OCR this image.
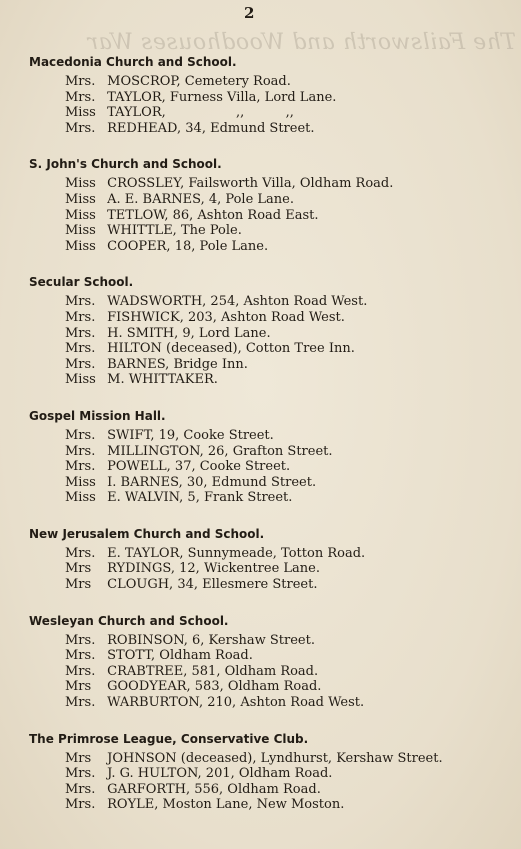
The Failsworth and Woodhouses War
2
Macedonia Church and School.
Mrs. MOSCROP, Cemetery Road.
Mrs. TAYLOR, Furness Villa, Lord Lane.
Miss TAYLOR,                 ,,          ,,
Mrs. REDHEAD, 34, Edmund Street.
S. John's Church and School.
Miss CROSSLEY, Failsworth Villa, Oldham Road.
Miss A. E. BARNES, 4, Pole Lane.
Miss TETLOW, 86, Ashton Road East.
Miss WHITTLE, The Pole.
Miss COOPER, 18, Pole Lane.
Secular School.
Mrs. WADSWORTH, 254, Ashton Road West.
Mrs. FISHWICK, 203, Ashton Road West.
Mrs. H. SMITH, 9, Lord Lane.
Mrs. HILTON (deceased), Cotton Tree Inn.
Mrs. BARNES, Bridge Inn.
Miss M. WHITTAKER.
Gospel Mission Hall.
Mrs. SWIFT, 19, Cooke Street.
Mrs. MILLINGTON, 26, Grafton Street.
Mrs. POWELL, 37, Cooke Street.
Miss I. BARNES, 30, Edmund Street.
Miss E. WALVIN, 5, Frank Street.
New Jerusalem Church and School.
Mrs. E. TAYLOR, Sunnymeade, Totton Road.
Mrs RYDINGS, 12, Wickentree Lane.
Mrs CLOUGH, 34, Ellesmere Street.
Wesleyan Church and School.
Mrs. ROBINSON, 6, Kershaw Street.
Mrs. STOTT, Oldham Road.
Mrs. CRABTREE, 581, Oldham Road.
Mrs GOODYEAR, 583, Oldham Road.
Mrs. WARBURTON, 210, Ashton Road West.
The Primrose League, Conservative Club.
Mrs JOHNSON (deceased), Lyndhurst, Kershaw Street.
Mrs. J. G. HULTON, 201, Oldham Road.
Mrs. GARFORTH, 556, Oldham Road.
Mrs. ROYLE, Moston Lane, New Moston.
